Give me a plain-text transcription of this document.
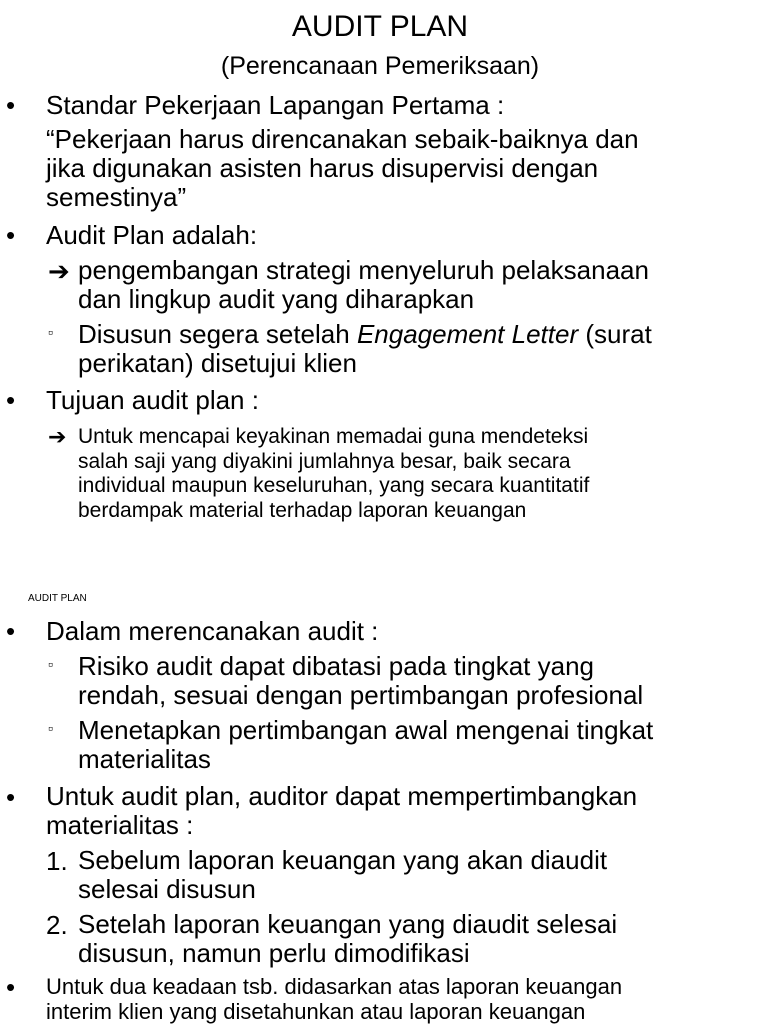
AUDIT PLAN
(Perencanaan Pemeriksaan)
• Standar Pekerjaan Lapangan Pertama :
“Pekerjaan harus direncanakan sebaik-baiknya dan
jika digunakan asisten harus disupervisi dengan
semestinya”
• Audit Plan adalah:
➔ pengembangan strategi menyeluruh pelaksanaan
dan lingkup audit yang diharapkan
▫ Disusun segera setelah Engagement Letter (surat
perikatan) disetujui klien
• Tujuan audit plan :
➔ Untuk mencapai keyakinan memadai guna mendeteksi
salah saji yang diyakini jumlahnya besar, baik secara
individual maupun keseluruhan, yang secara kuantitatif
berdampak material terhadap laporan keuangan
AUDIT PLAN
• Dalam merencanakan audit :
▫ Risiko audit dapat dibatasi pada tingkat yang
rendah, sesuai dengan pertimbangan profesional
▫ Menetapkan pertimbangan awal mengenai tingkat
materialitas
• Untuk audit plan, auditor dapat mempertimbangkan
materialitas :
1. Sebelum laporan keuangan yang akan diaudit
selesai disusun
2. Setelah laporan keuangan yang diaudit selesai
disusun, namun perlu dimodifikasi
• Untuk dua keadaan tsb. didasarkan atas laporan keuangan
interim klien yang disetahunkan atau laporan keuangan
